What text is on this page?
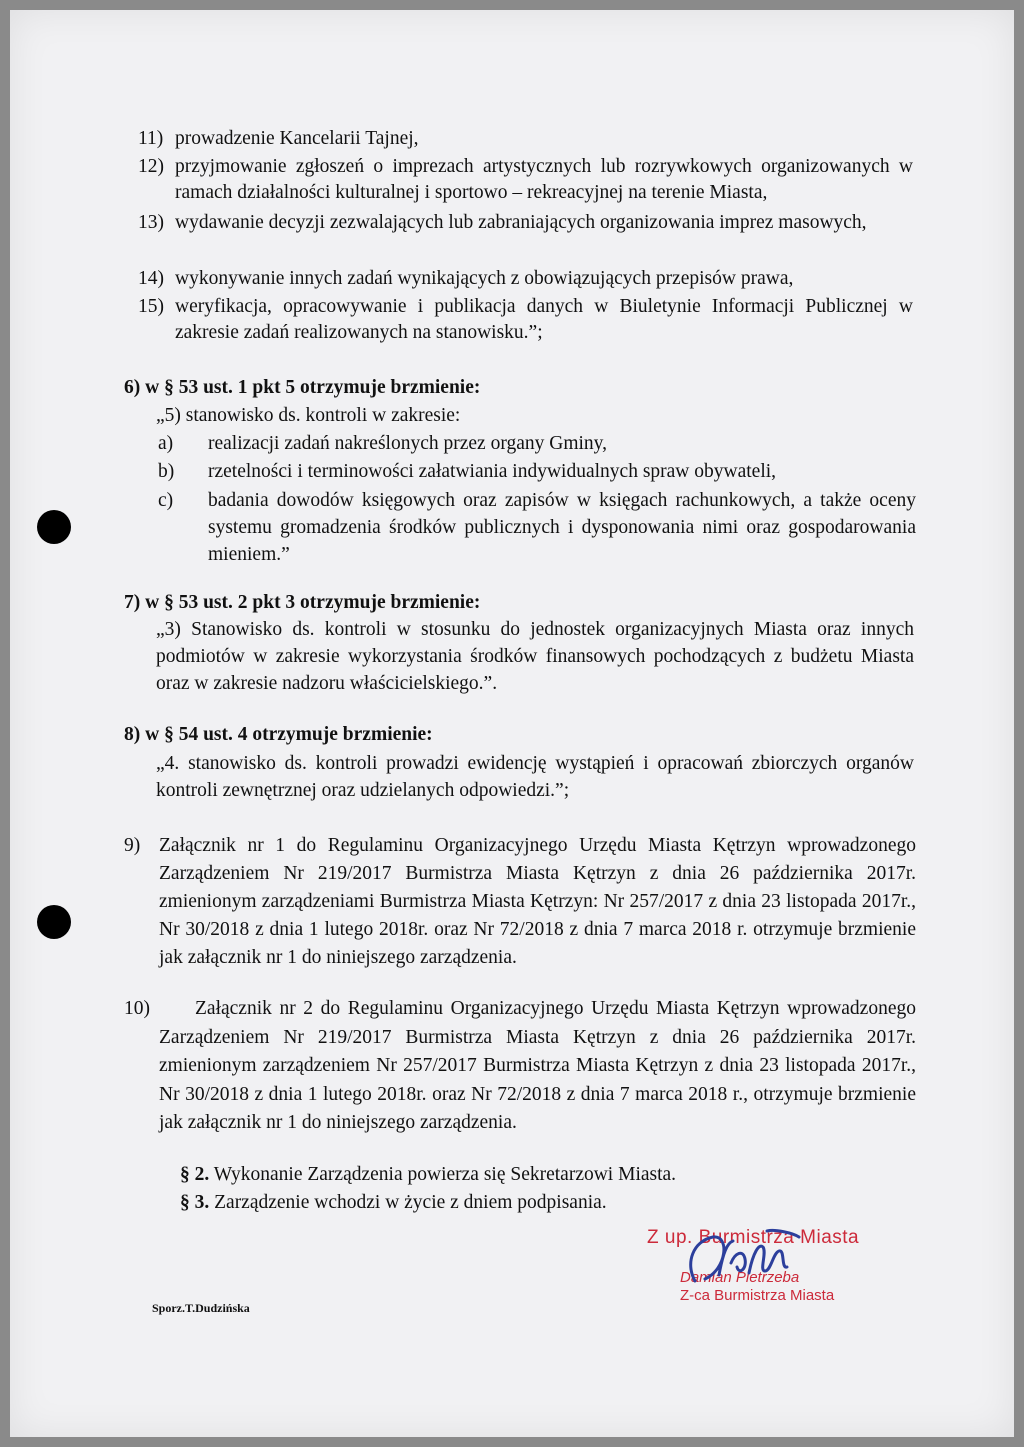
11) prowadzenie Kancelarii Tajnej,
12) przyjmowanie zgłoszeń o imprezach artystycznych lub rozrywkowych organizowanych w ramach działalności kulturalnej i sportowo – rekreacyjnej na terenie Miasta,
13) wydawanie decyzji zezwalających lub zabraniających organizowania imprez masowych,
14) wykonywanie innych zadań wynikających z obowiązujących przepisów prawa,
15) weryfikacja, opracowywanie i publikacja danych w Biuletynie Informacji Publicznej w zakresie zadań realizowanych na stanowisku.”;

6) w § 53 ust. 1 pkt 5 otrzymuje brzmienie:

„5) stanowisko ds. kontroli w zakresie:

a) realizacji zadań nakreślonych przez organy Gminy,
b) rzetelności i terminowości załatwiania indywidualnych spraw obywateli,
c) badania dowodów księgowych oraz zapisów w księgach rachunkowych, a także oceny systemu gromadzenia środków publicznych i dysponowania nimi oraz gospodarowania mieniem.”

7) w § 53 ust. 2 pkt 3 otrzymuje brzmienie:

„3) Stanowisko ds. kontroli w stosunku do jednostek organizacyjnych Miasta oraz innych podmiotów w zakresie wykorzystania środków finansowych pochodzących z budżetu Miasta oraz w zakresie nadzoru właścicielskiego.”.

8) w § 54 ust. 4 otrzymuje brzmienie:

„4. stanowisko ds. kontroli prowadzi ewidencję wystąpień i opracowań zbiorczych organów kontroli zewnętrznej oraz udzielanych odpowiedzi.”;

9) Załącznik nr 1 do Regulaminu Organizacyjnego Urzędu Miasta Kętrzyn wprowadzonego Zarządzeniem Nr 219/2017 Burmistrza Miasta Kętrzyn z dnia 26 października 2017r. zmienionym zarządzeniami Burmistrza Miasta Kętrzyn: Nr 257/2017 z dnia 23 listopada 2017r., Nr 30/2018 z dnia 1 lutego 2018r. oraz Nr 72/2018 z dnia 7 marca 2018 r. otrzymuje brzmienie jak załącznik nr 1 do niniejszego zarządzenia.

10)	Załącznik nr 2 do Regulaminu Organizacyjnego Urzędu Miasta Kętrzyn wprowadzonego Zarządzeniem Nr 219/2017 Burmistrza Miasta Kętrzyn z dnia 26 października 2017r. zmienionym zarządzeniem Nr 257/2017 Burmistrza Miasta Kętrzyn z dnia 23 listopada 2017r., Nr 30/2018 z dnia 1 lutego 2018r. oraz Nr 72/2018 z dnia 7 marca 2018 r., otrzymuje brzmienie jak załącznik nr 1 do niniejszego zarządzenia.

§ 2. Wykonanie Zarządzenia powierza się Sekretarzowi Miasta.
§ 3. Zarządzenie wchodzi w życie z dniem podpisania.
Z up. Burmistrza Miasta
Damian Pietrzeba
Z-ca Burmistrza Miasta
Sporz.T.Dudzińska
